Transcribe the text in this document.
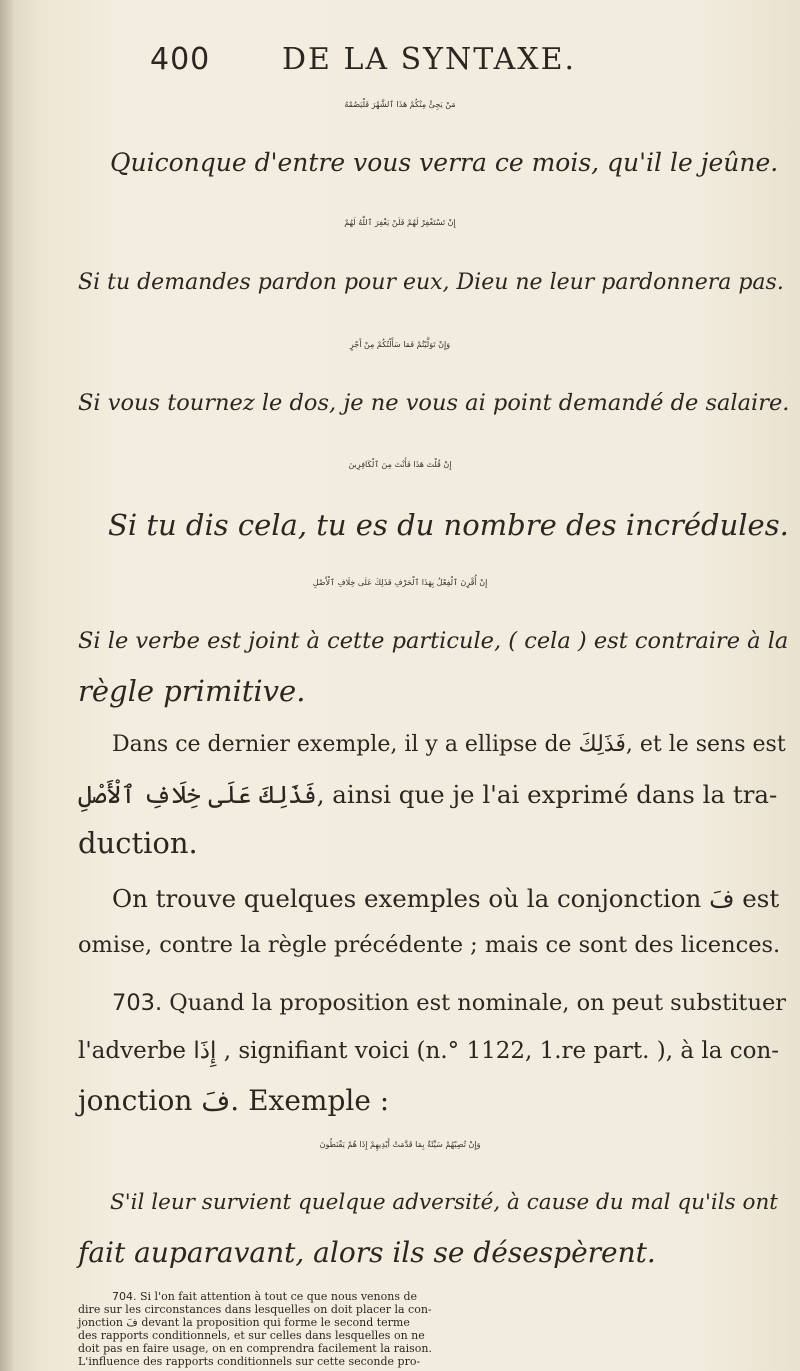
400 DE LA SYNTAXE.
مَنْ يَجِئْ مِنْكُمْ هَذَا ٱلشَّهْرَ فَلْيَصُمْهُ
Quiconque d'entre vous verra ce mois, qu'il le jeûne.
إِنْ تَسْتَغْفِرْ لَهُمْ فَلَنْ يَغْفِرَ ٱللّٰهُ لَهُمْ
Si tu demandes pardon pour eux, Dieu ne leur pardonnera pas.
وَإِنْ تَوَلَّيْتُمْ فَمَا سَأَلْتُكُمْ مِنْ أَجْرٍ
Si vous tournez le dos, je ne vous ai point demandé de salaire.
إِنْ قُلْتَ هَذَا فَأَنْتَ مِنَ ٱلْكَافِرِينَ
Si tu dis cela, tu es du nombre des incrédules.
إِنْ أُقْرِنَ ٱلْفِعْلُ بِهَذَا ٱلْحَرْفِ فَذَلِكَ عَلَى خِلَافِ ٱلْأَصْلِ
Si le verbe est joint à cette particule, ( cela ) est contraire à la
règle primitive.
Dans ce dernier exemple, il y a ellipse de فَذَلِكَ, et le sens est
فَذَلِكَ عَلَى خِلَافِ ٱلْأَصْلِ, ainsi que je l'ai exprimé dans la tra-
duction.
On trouve quelques exemples où la conjonction فَ est
omise, contre la règle précédente ; mais ce sont des licences.
703. Quand la proposition est nominale, on peut substituer
l'adverbe إِذَا , signifiant voici (n.° 1122, 1.re part. ), à la con-
jonction فَ. Exemple :
وَإِنْ تُصِبْهُمْ سَيِّئَةٌ بِمَا قَدَّمَتْ أَيْدِيهِمْ إِذَا هُمْ يَقْنَطُونَ
S'il leur survient quelque adversité, à cause du mal qu'ils ont
fait auparavant, alors ils se désespèrent.
704. Si l'on fait attention à tout ce que nous venons de
dire sur les circonstances dans lesquelles on doit placer la con-
jonction فَ devant la proposition qui forme le second terme
des rapports conditionnels, et sur celles dans lesquelles on ne
doit pas en faire usage, on en comprendra facilement la raison.
L'influence des rapports conditionnels sur cette seconde pro-
